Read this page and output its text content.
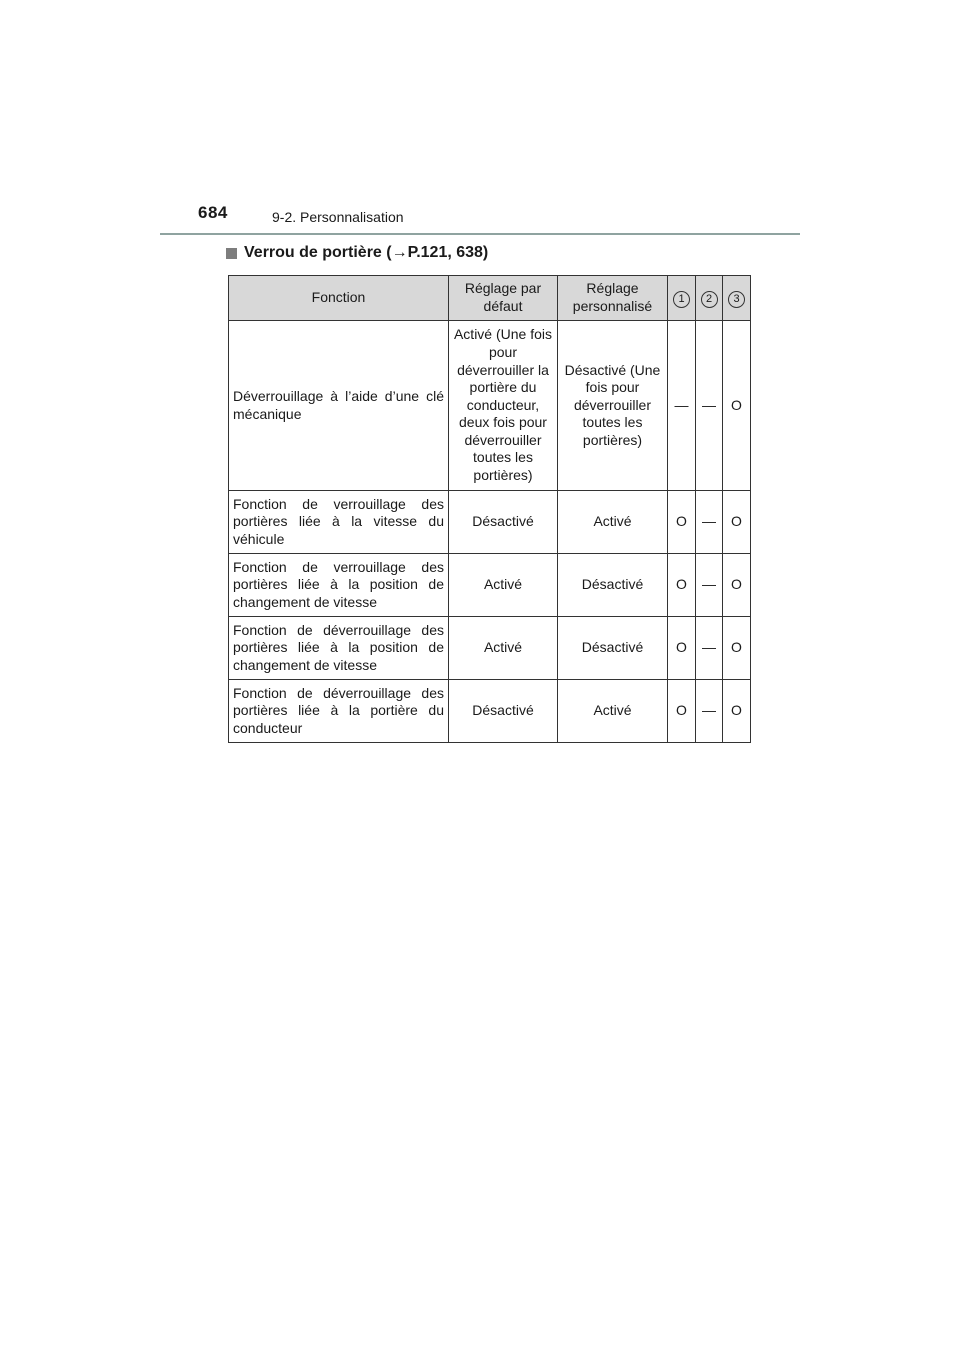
684	9-2. Personnalisation
Verrou de portière (→P.121, 638)
Fonction	Réglage par défaut	Réglage personnalisé	1	2	3
Déverrouillage à l’aide d’une clé mécanique	Activé (Une fois pour déverrouiller la portière du conducteur, deux fois pour déverrouiller toutes les portières)	Désactivé (Une fois pour déverrouiller toutes les portières)	—	—	O
Fonction de verrouillage des portières liée à la vitesse du véhicule	Désactivé	Activé	O	—	O
Fonction de verrouillage des portières liée à la position de changement de vitesse	Activé	Désactivé	O	—	O
Fonction de déverrouillage des portières liée à la position de changement de vitesse	Activé	Désactivé	O	—	O
Fonction de déverrouillage des portières liée à la portière du conducteur	Désactivé	Activé	O	—	O
